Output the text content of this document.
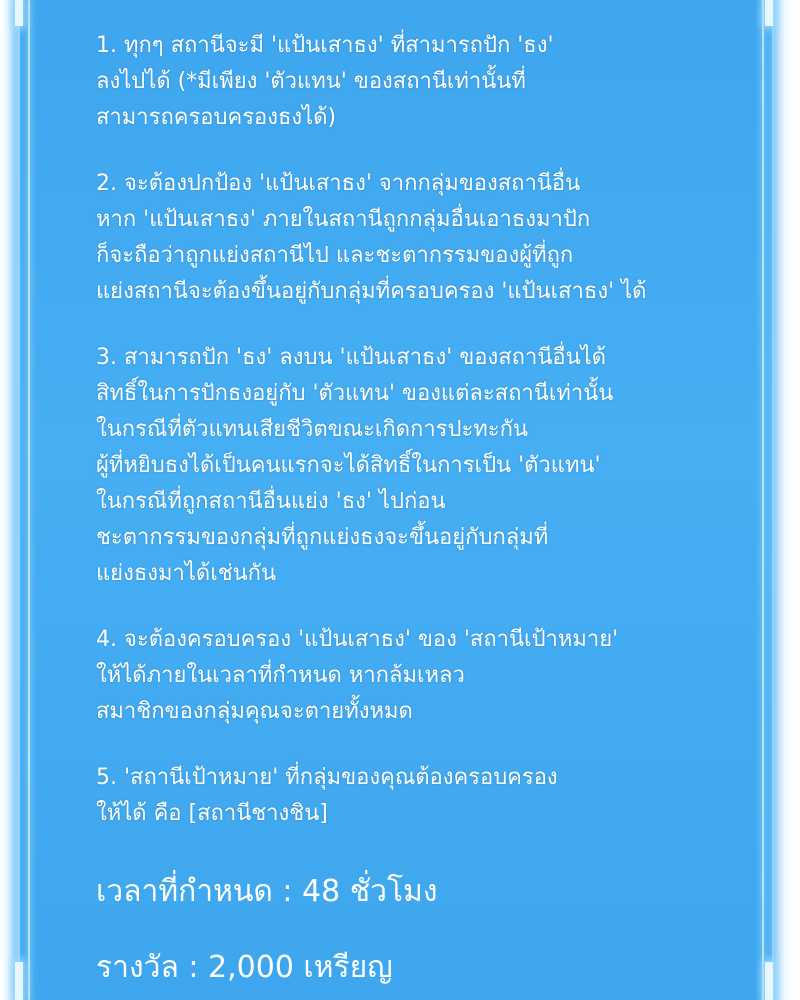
1. ทุกๆ สถานีจะมี 'แป้นเสาธง' ที่สามารถปัก 'ธง'
ลงไปได้ (*มีเพียง 'ตัวแทน' ของสถานีเท่านั้นที่
สามารถครอบครองธงได้)
2. จะต้องปกป้อง 'แป้นเสาธง' จากกลุ่มของสถานีอื่น
หาก 'แป้นเสาธง' ภายในสถานีถูกกลุ่มอื่นเอาธงมาปัก
ก็จะถือว่าถูกแย่งสถานีไป และชะตากรรมของผู้ที่ถูก
แย่งสถานีจะต้องขึ้นอยู่กับกลุ่มที่ครอบครอง 'แป้นเสาธง' ได้
3. สามารถปัก 'ธง' ลงบน 'แป้นเสาธง' ของสถานีอื่นได้
สิทธิ์ในการปักธงอยู่กับ 'ตัวแทน' ของแต่ละสถานีเท่านั้น
ในกรณีที่ตัวแทนเสียชีวิตขณะเกิดการปะทะกัน
ผู้ที่หยิบธงได้เป็นคนแรกจะได้สิทธิ์ในการเป็น 'ตัวแทน'
ในกรณีที่ถูกสถานีอื่นแย่ง 'ธง' ไปก่อน
ชะตากรรมของกลุ่มที่ถูกแย่งธงจะขึ้นอยู่กับกลุ่มที่
แย่งธงมาได้เช่นกัน
4. จะต้องครอบครอง 'แป้นเสาธง' ของ 'สถานีเป้าหมาย'
ให้ได้ภายในเวลาที่กำหนด หากล้มเหลว
สมาชิกของกลุ่มคุณจะตายทั้งหมด
5. 'สถานีเป้าหมาย' ที่กลุ่มของคุณต้องครอบครอง
ให้ได้ คือ [สถานีชางชิน]
เวลาที่กำหนด : 48 ชั่วโมง
รางวัล : 2,000 เหรียญ
